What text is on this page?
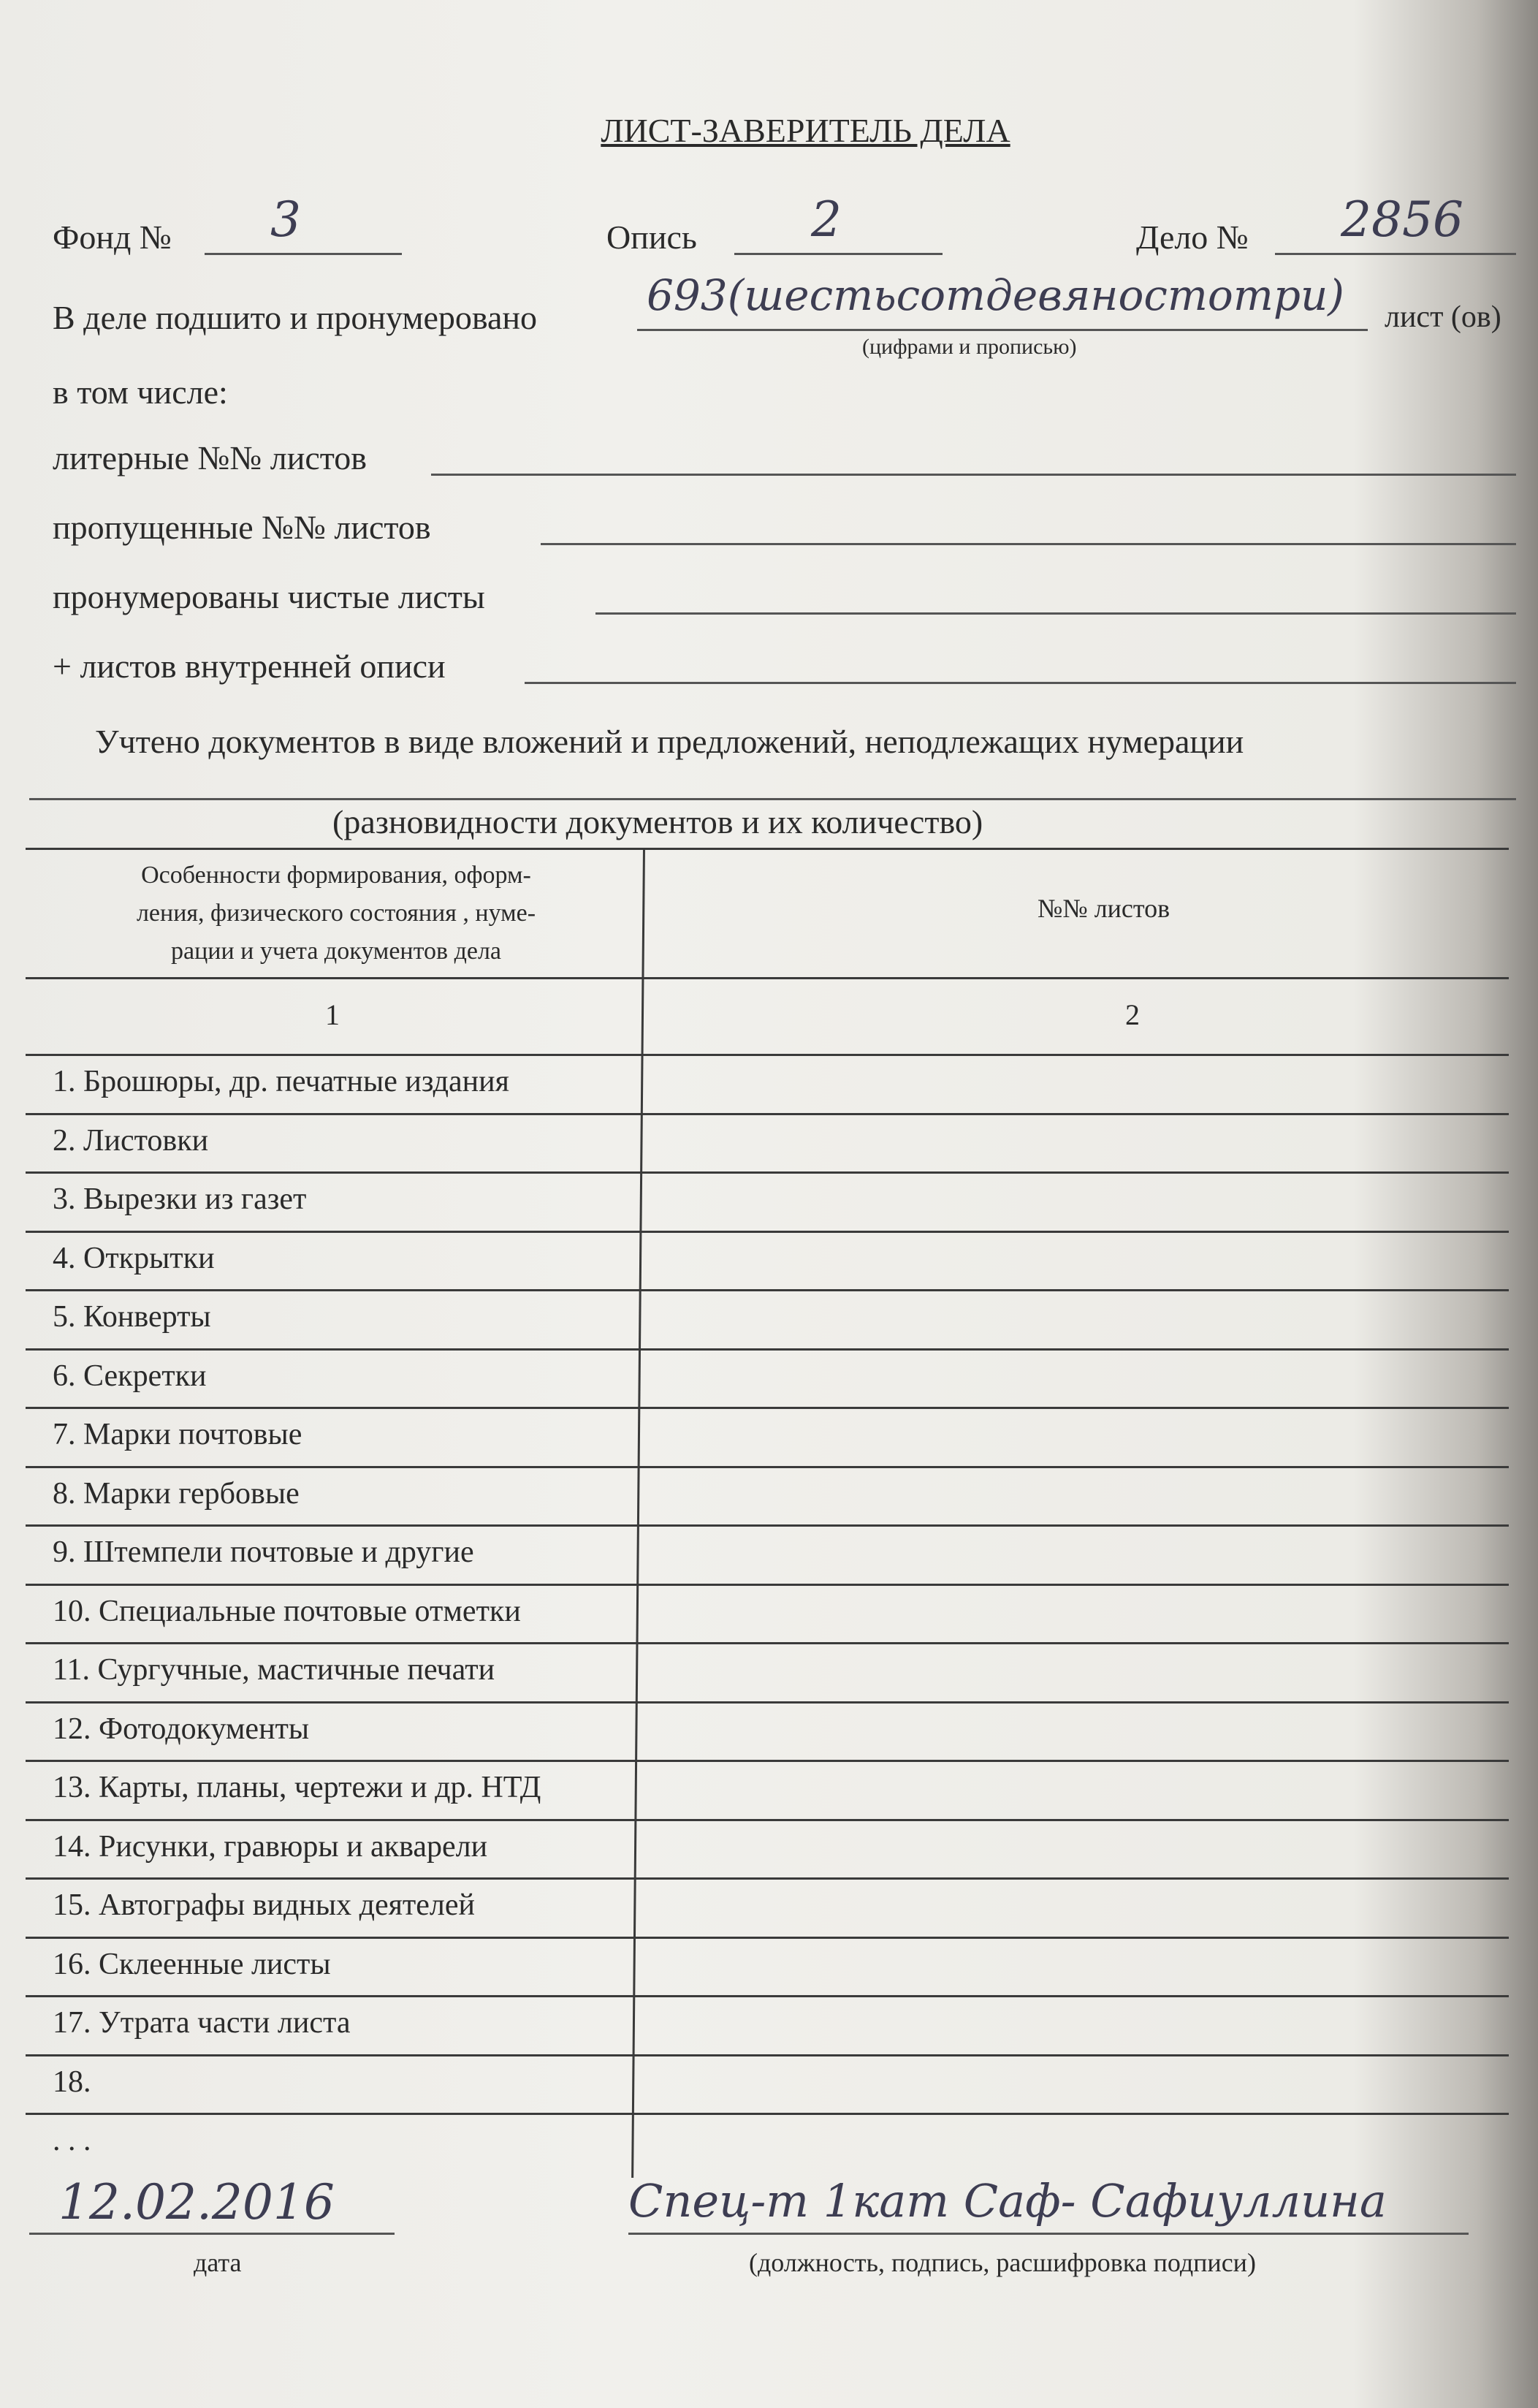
ЛИСТ-ЗАВЕРИТЕЛЬ ДЕЛА
Фонд № 3	Опись 2	Дело № 2856
В деле подшито и пронумеровано	693(шестьсотдевяностотри) лист (ов)
(цифрами и прописью)
в том числе:
литерные №№ листов
пропущенные №№ листов
пронумерованы чистые листы
+ листов внутренней описи
Учтено документов в виде вложений и предложений, неподлежащих нумерации
(разновидности документов и их количество)
Особенности формирования, оформ-
ления, физического состояния , нуме-
рации и учета документов дела
№№ листов
1	2
1. Брошюры, др. печатные издания
2. Листовки
3. Вырезки из газет
4. Открытки
5. Конверты
6. Секретки
7. Марки почтовые
8. Марки гербовые
9. Штемпели почтовые и другие
10. Специальные почтовые отметки
11. Сургучные, мастичные печати
12. Фотодокументы
13. Карты, планы, чертежи и др. НТД
14. Рисунки, гравюры и акварели
15. Автографы видных деятелей
16. Склеенные листы
17. Утрата части листа
18.
. . .
12.02.2016
дата
Спец-т 1кат Саф- Сафиуллина
(должность, подпись, расшифровка подписи)
